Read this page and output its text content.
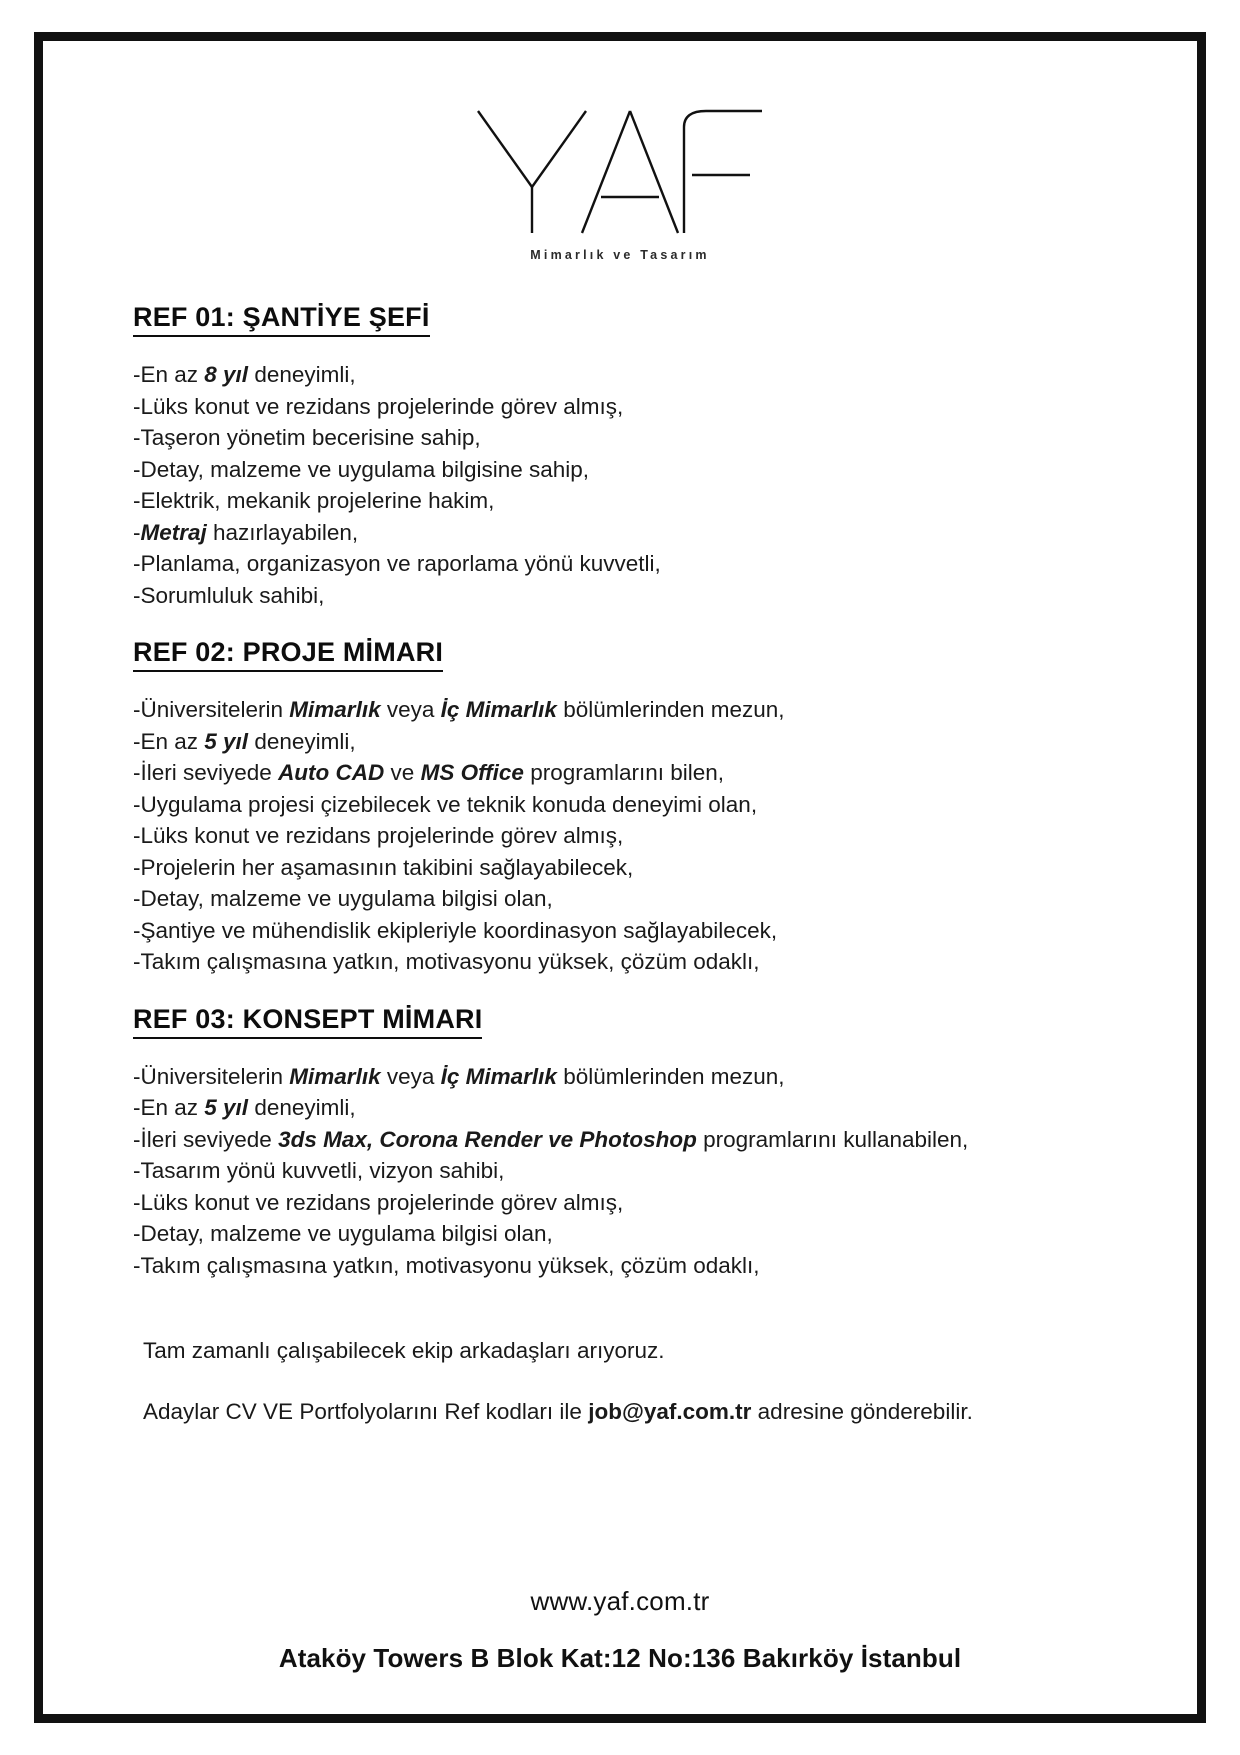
Mimarlık ve Tasarım
REF 01: ŞANTİYE ŞEFİ
-En az 8 yıl deneyimli,
-Lüks konut ve rezidans projelerinde görev almış,
-Taşeron yönetim becerisine sahip,
-Detay, malzeme ve uygulama bilgisine sahip,
-Elektrik, mekanik projelerine hakim,
-Metraj hazırlayabilen,
-Planlama, organizasyon ve raporlama yönü kuvvetli,
-Sorumluluk sahibi,
REF 02: PROJE MİMARI
-Üniversitelerin Mimarlık veya İç Mimarlık bölümlerinden mezun,
-En az 5 yıl deneyimli,
-İleri seviyede Auto CAD ve MS Office programlarını bilen,
-Uygulama projesi çizebilecek ve teknik konuda deneyimi olan,
-Lüks konut ve rezidans projelerinde görev almış,
-Projelerin her aşamasının takibini sağlayabilecek,
-Detay, malzeme ve uygulama bilgisi olan,
-Şantiye ve mühendislik ekipleriyle koordinasyon sağlayabilecek,
-Takım çalışmasına yatkın, motivasyonu yüksek, çözüm odaklı,
REF 03: KONSEPT MİMARI
-Üniversitelerin Mimarlık veya İç Mimarlık bölümlerinden mezun,
-En az 5 yıl deneyimli,
-İleri seviyede 3ds Max, Corona Render ve Photoshop programlarını kullanabilen,
-Tasarım yönü kuvvetli, vizyon sahibi,
-Lüks konut ve rezidans projelerinde görev almış,
-Detay, malzeme ve uygulama bilgisi olan,
-Takım çalışmasına yatkın, motivasyonu yüksek, çözüm odaklı,

Tam zamanlı çalışabilecek ekip arkadaşları arıyoruz.

Adaylar CV VE Portfolyolarını Ref kodları ile job@yaf.com.tr adresine gönderebilir.

www.yaf.com.tr
Ataköy Towers B Blok Kat:12 No:136 Bakırköy İstanbul
